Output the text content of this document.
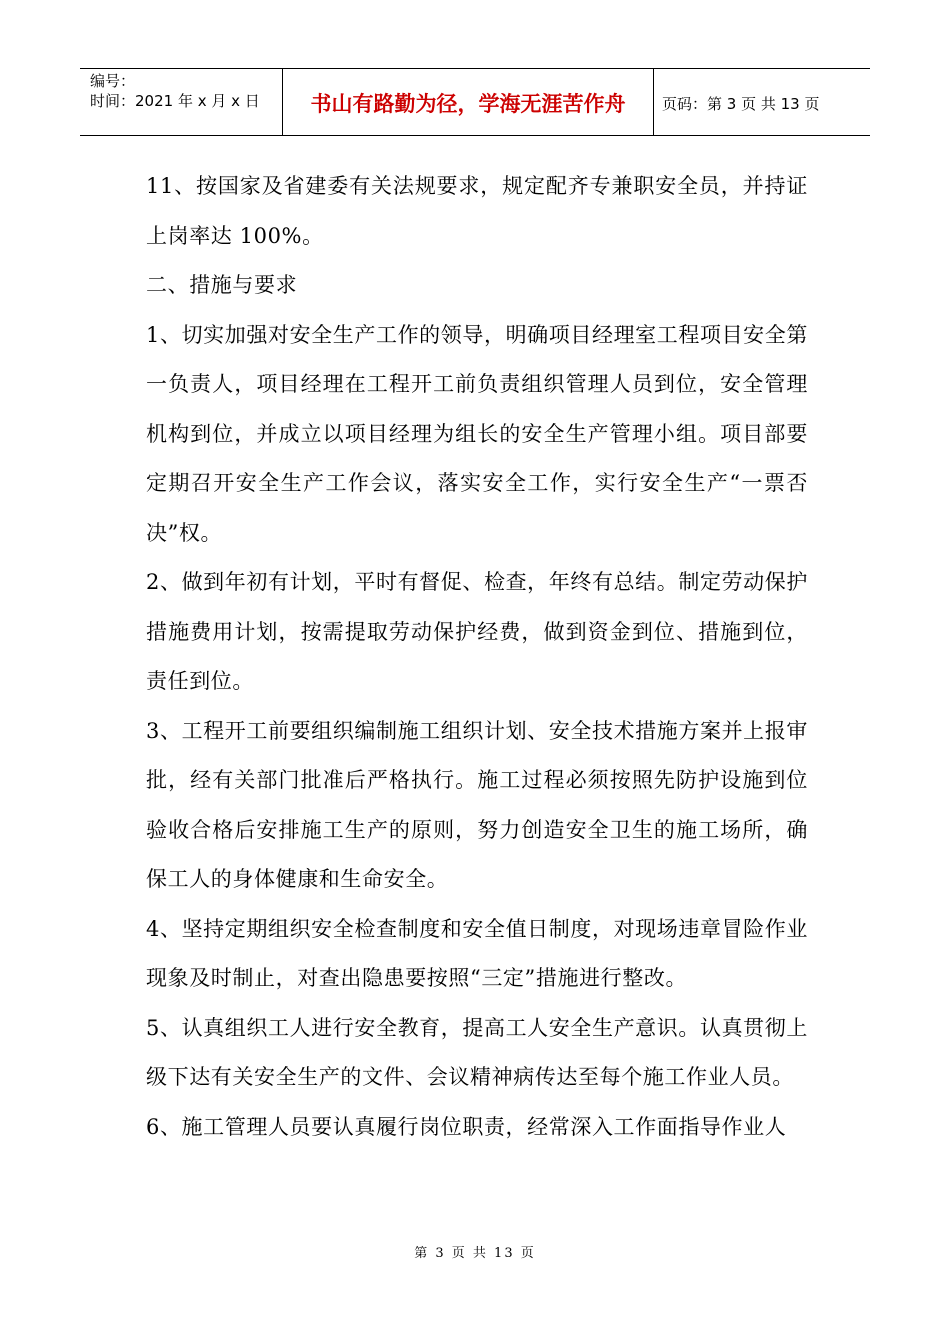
编号：
时间：2021 年 x 月 x 日	书山有路勤为径，学海无涯苦作舟	页码：第 3 页 共 13 页

11、按国家及省建委有关法规要求，规定配齐专兼职安全员，并持证上岗率达 100%。

二、措施与要求

1、切实加强对安全生产工作的领导，明确项目经理室工程项目安全第一负责人，项目经理在工程开工前负责组织管理人员到位，安全管理机构到位，并成立以项目经理为组长的安全生产管理小组。项目部要定期召开安全生产工作会议，落实安全工作，实行安全生产“一票否决”权。

2、做到年初有计划，平时有督促、检查，年终有总结。制定劳动保护措施费用计划，按需提取劳动保护经费，做到资金到位、措施到位，责任到位。

3、工程开工前要组织编制施工组织计划、安全技术措施方案并上报审批，经有关部门批准后严格执行。施工过程必须按照先防护设施到位验收合格后安排施工生产的原则，努力创造安全卫生的施工场所，确保工人的身体健康和生命安全。

4、坚持定期组织安全检查制度和安全值日制度，对现场违章冒险作业现象及时制止，对查出隐患要按照“三定”措施进行整改。

5、认真组织工人进行安全教育，提高工人安全生产意识。认真贯彻上级下达有关安全生产的文件、会议精神病传达至每个施工作业人员。

6、施工管理人员要认真履行岗位职责，经常深入工作面指导作业人

第 3 页 共 13 页
